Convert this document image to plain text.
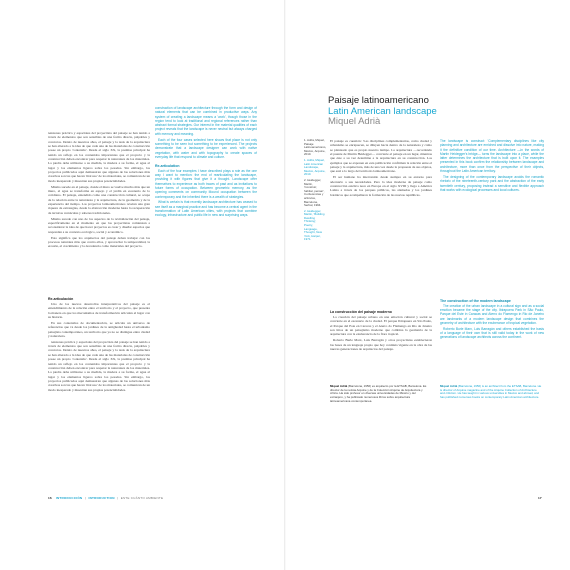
tensiones práctica y espaciales del proyectista del paisaje se han tenido a través de elementos que son sensibles de una forma directa, palpables y concretos. Dentro de nuestros años, el paisaje y la tesis de la arquitectura se han alterado a la idea de que cada una de las materiales de construcción posee un propio 'contenido'. Desde el siglo XX, la premisa principal ha tenido un reflejo en los contenidos importantes que el proyecto y la construcción deben encontrar para respetar la naturaleza de los materiales. La piedra debe utilizarse a su medida, la madera a su forma, el agua al lugar y los elementos ligeros sobre los pesados. Sin embargo, los proyectos publicados aquí demuestran que algunas de las soluciones más creativas son las que hacen 'mal uso' de los materiales, se comunican de un modo inesperado y muestran sus propias potencialidades.

Mismo sucede en el paisaje, donde el muro se vuelve mucho más que un muro, el agua se transforma en espejo y el jardín en escenario de lo cotidiano. El paisaje, entendido como una construcción cultural, se ocupa de la relación entre la naturaleza y la arquitectura, de la geometría y de la experiencia del tiempo. Los proyectos latinoamericanos revelan una gran riqueza de estrategias, desde la abstracción moderna hasta la recuperación de técnicas vernáculas y saberes tradicionales.

Mismo sucede con uno de los aspectos de la revitalización del paisaje, específicamente en el momento en que los proyectistas comienzan a reconsiderar la idea de que hacer proyectos es crear y diseñar espacios que respondan a su contexto ecológico, social y económico.

Esto significa que los arquitectos del paisaje deben trabajar con los procesos naturales más que contra ellos, y aprovechar la temporalidad, la erosión, el crecimiento y la decadencia como materiales del proyecto.

Re-articulación

Uno de los nuevos desarrollos interpretativos del paisaje es el entendimiento de la relación entre el territorio y el proyecto, que presenta la manera en que los mecanismos de transformación articulan el lugar con su historia.

En sus contenidos de documentación, se articula un universo de referencias que va desde los jardines de la antigüedad hasta el urbanismo paisajista contemporáneo, un territorio que ya no se distingue entre ciudad y naturaleza.

tensiones práctica y espaciales del proyectista del paisaje se han tenido a través de elementos que son sensibles de una forma directa, palpables y concretos. Dentro de nuestros años, el paisaje y la tesis de la arquitectura se han alterado a la idea de que cada una de las materiales de construcción posee un propio 'contenido'. Desde el siglo XX, la premisa principal ha tenido un reflejo en los contenidos importantes que el proyecto y la construcción deben encontrar para respetar la naturaleza de los materiales. La piedra debe utilizarse a su medida, la madera a su forma, el agua al lugar y los elementos ligeros sobre los pesados. Sin embargo, los proyectos publicados aquí demuestran que algunas de las soluciones más creativas son las que hacen 'mal uso' de los materiales, se comunican de un modo inesperado y muestran sus propias potencialidades.

construction of landscape architecture through the form and design of natural elements that can be combined in productive ways. Any system of creating a landscape means a 'work', though those in the region tend to look at traditional and regional references rather than abstract formal strategies. Our interest in the material qualities of each project reveals that the landscape is never neutral but always charged with memory and meaning.

Each of the four cases selected here shows that place is not only something to be seen but something to be experienced. The projects demonstrate that a landscape designer can work with native vegetation, with water and with topography to create spaces of everyday life that respond to climate and culture.

Re-articulation

Each of the four examples I have described plays a role as the one way I want to mention: the end of rearticulating the landscape, providing it with figures that give it a thought. Landscape offer themselves to experience as both traces of past and as invitations to future forms of occupation. Between geometric memory, as the opening comments on community Mound occupation between the contemporary and the inherited there is a wealth of strategies.

What is certain is that recently landscape architecture has ceased to see itself as a marginal practice and has become a central agent in the transformation of Latin American cities, with projects that combine ecology, infrastructure and public life in new and surprising ways.

16 INTRODUCCIÓN | INTRODUCTION | ESTE CUÁNTO AMBIENTE
Paisaje latinoamericano
Latin American landscape
Miquel Adrià
1. Adrià, Miquel, Paisaje Latinoamericano, México, Arquine, 2010.
1. Adrià, Miquel, Latin American Landscape, Mexico, Arquine, 2010.
2. Heidegger, Martin, 'Construir, habitar, pensar', Conferencias y artículos, Barcelona, Serbal, 1994.
2. Heidegger, Martin, 'Building Dwelling Thinking', Poetry, Language, Thought, New York, Harper, 1971.

El paisaje es cuestión: 'Las disciplinas complementarias, como ciudad y urbanismo se enriquecen, se diluyen hacia dentro de la naturaleza y cómo se planteado que es propio nuestro tiempo. La arquitectura —recordando el puente de Martin Heidegger— convierte el paisaje en un lugar, mientras que éste a su vez determina a la arquitectura en su construcción. Los ejemplos que se exponen en esta publicación confirman la relación entre el paisaje y la arquitectura, más de una vez desde la propuesta de sus objetos, que está a lo largo del territorio latinoamericano.

El ser humano ha intervenido desde siempre en su entorno para adecuarlo a sus necesidades. Pero la idea moderna de paisaje como construcción estética nace en Europa en el siglo XVIII y llega a América Latina a través de los parques públicos, las alamedas y los jardines botánicos que acompañaron la formación de las nuevas repúblicas.

La construcción del paisaje moderno

La creación del paisaje urbano en una emoción cultural y social se convierte en el escenario de la ciudad. El parque Ibirapuera en São Paulo, el Parque del Este en Caracas y el Aterro do Flamengo en Río de Janeiro son hitos de un paisajismo moderno que combina la geometría de la arquitectura con la exuberancia de la flora tropical.

Roberto Burle Marx, Luis Barragán y otros proyectistas establecieron las bases de un lenguaje propio que hoy continúa vigente en la obra de las nuevas generaciones de arquitectos del paisaje.

Miquel Adrià (Barcelona, 1956) es arquitecto por la ETSAB, Barcelona. Es director de la revista Arquine y de la Colección Arquine de Arquitectura y crítica. Ha sido profesor en diversas universidades de México y del extranjero, y ha publicado numerosos libros sobre arquitectura latinoamericana contemporánea.

The landscape is construct: 'Complementary disciplines like city planning and architecture are enriched and dissolve into nature, making it the definitive condition of our time. Architecture —in the words of Martin Heidegger's bridge— turns the landscape into a place, while the latter determines the architecture that is built upon it. The examples presented in this book confirm the relationship between landscape and architecture, more than once from the perspective of their objects, throughout the Latin American territory.

The designing of the contemporary landscape avoids the romantic rhetoric of the nineteenth-century park and the abstraction of the early twentieth century, proposing instead a sensitive and flexible approach that works with ecological processes and local cultures.

The construction of the modern landscape

The creation of the urban landscape in a cultural sign and as a social emotion became the stage of the city. Ibirapuera Park in São Paulo, Parque del Este in Caracas and Aterro do Flamengo in Rio de Janeiro are landmarks of a modern landscape design that combines the geometry of architecture with the exuberance of tropical vegetation.

Roberto Burle Marx, Luis Barragán and others established the basis of a language of their own that is still valid today in the work of new generations of landscape architects across the continent.

Miquel Adrià (Barcelona, 1956) is an architect from the ETSAB, Barcelona. He is director of Arquine magazine and of the Arquine Collection of Architecture and criticism. He has taught in various universities in Mexico and abroad, and has published numerous books on contemporary Latin American architecture.
17
